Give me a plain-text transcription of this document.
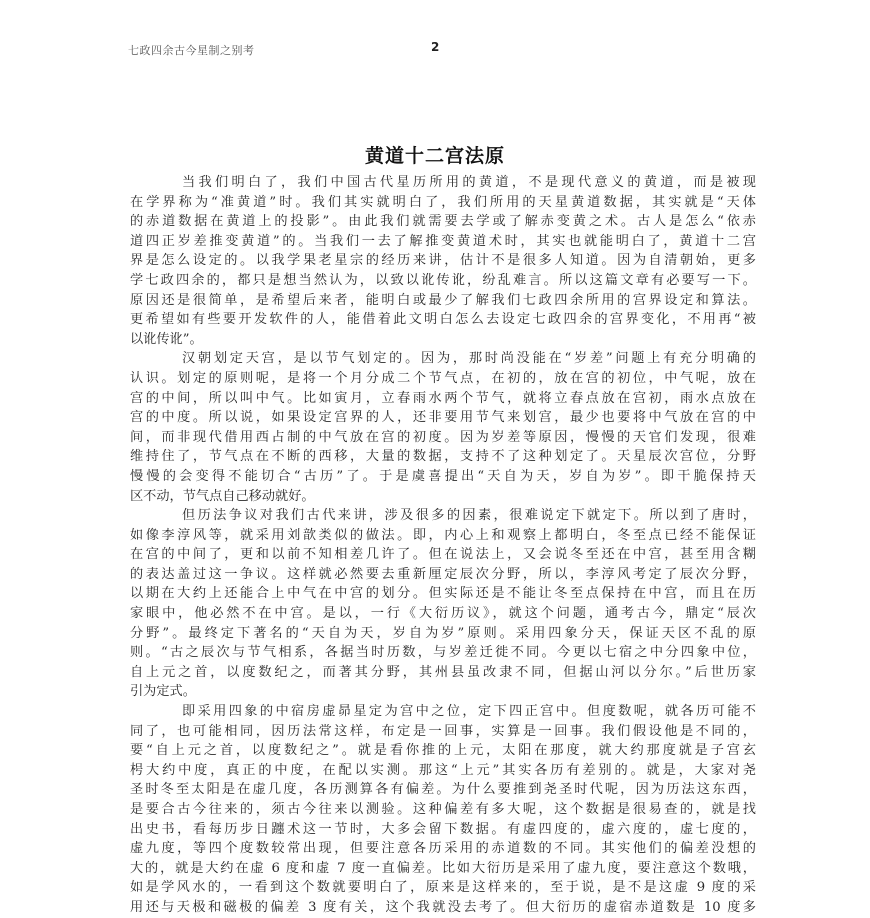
七政四余古今星制之别考	2
黄道十二宫法原
当我们明白了，我们中国古代星历所用的黄道，不是现代意义的黄道，而是被现
在学界称为“准黄道”时。我们其实就明白了，我们所用的天星黄道数据，其实就是“天体
的赤道数据在黄道上的投影”。由此我们就需要去学或了解赤变黄之术。古人是怎么“依赤
道四正岁差推变黄道”的。当我们一去了解推变黄道术时，其实也就能明白了，黄道十二宫
界是怎么设定的。以我学果老星宗的经历来讲，估计不是很多人知道。因为自清朝始，更多
学七政四余的，都只是想当然认为，以致以讹传讹，纷乱难言。所以这篇文章有必要写一下。
原因还是很简单，是希望后来者，能明白或最少了解我们七政四余所用的宫界设定和算法。
更希望如有些要开发软件的人，能借着此文明白怎么去设定七政四余的宫界变化，不用再“被
以讹传讹”。
汉朝划定天宫，是以节气划定的。因为，那时尚没能在“岁差”问题上有充分明确的
认识。划定的原则呢，是将一个月分成二个节气点，在初的，放在宫的初位，中气呢，放在
宫的中间，所以叫中气。比如寅月，立春雨水两个节气，就将立春点放在宫初，雨水点放在
宫的中度。所以说，如果设定宫界的人，还非要用节气来划宫，最少也要将中气放在宫的中
间，而非现代借用西占制的中气放在宫的初度。因为岁差等原因，慢慢的天官们发现，很难
维持住了，节气点在不断的西移，大量的数据，支持不了这种划定了。天星辰次宫位，分野
慢慢的会变得不能切合“古历”了。于是虞喜提出“天自为天，岁自为岁”。即干脆保持天
区不动，节气点自己移动就好。
但历法争议对我们古代来讲，涉及很多的因素，很难说定下就定下。所以到了唐时，
如像李淳风等，就采用刘歆类似的做法。即，内心上和观察上都明白，冬至点已经不能保证
在宫的中间了，更和以前不知相差几许了。但在说法上，又会说冬至还在中宫，甚至用含糊
的表达盖过这一争议。这样就必然要去重新厘定辰次分野，所以，李淳风考定了辰次分野，
以期在大约上还能合上中气在中宫的划分。但实际还是不能让冬至点保持在中宫，而且在历
家眼中，他必然不在中宫。是以，一行《大衍历议》，就这个问题，通考古今，鼎定“辰次
分野”。最终定下著名的“天自为天，岁自为岁”原则。采用四象分天，保证天区不乱的原
则。“古之辰次与节气相系，各据当时历数，与岁差迁徙不同。今更以七宿之中分四象中位，
自上元之首，以度数纪之，而著其分野，其州县虽改隶不同，但据山河以分尔。”后世历家
引为定式。
即采用四象的中宿房虚昴星定为宫中之位，定下四正宫中。但度数呢，就各历可能不
同了，也可能相同，因历法常这样，布定是一回事，实算是一回事。我们假设他是不同的，
要“自上元之首，以度数纪之”。就是看你推的上元，太阳在那度，就大约那度就是子宫玄
枵大约中度，真正的中度，在配以实测。那这“上元”其实各历有差别的。就是，大家对尧
圣时冬至太阳是在虚几度，各历测算各有偏差。为什么要推到尧圣时代呢，因为历法这东西，
是要合古今往来的，须古今往来以测验。这种偏差有多大呢，这个数据是很易查的，就是找
出史书，看每历步日躔术这一节时，大多会留下数据。有虚四度的，虚六度的，虚七度的，
虚九度，等四个度数较常出现，但要注意各历采用的赤道数的不同。其实他们的偏差没想的
大的，就是大约在虚 6 度和虚 7 度一直偏差。比如大衍历是采用了虚九度，要注意这个数哦，
如是学风水的，一看到这个数就要明白了，原来是这样来的，至于说，是不是这虚 9 度的采
用还与天极和磁极的偏差 3 度有关，这个我就没去考了。但大衍历的虚宿赤道数是 10 度多
